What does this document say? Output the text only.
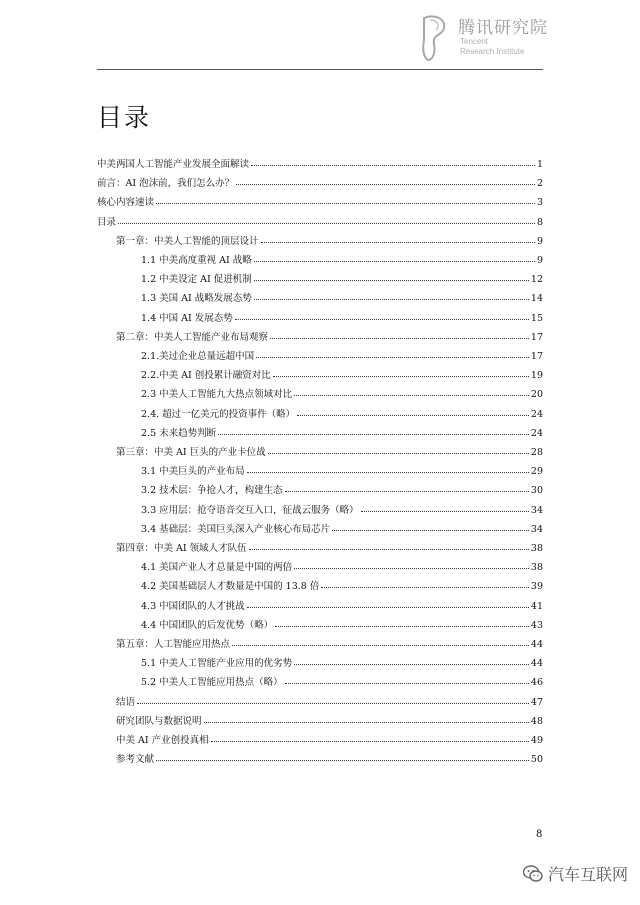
腾讯研究院
Tencent
Research Institute
目录
中美两国人工智能产业发展全面解读	1
前言：AI 泡沫前，我们怎么办？	2
核心内容速读	3
目录	8
第一章：中美人工智能的顶层设计	9
1.1 中美高度重视 AI 战略	9
1.2 中美设定 AI 促进机制	12
1.3 美国 AI 战略发展态势	14
1.4 中国 AI 发展态势	15
第二章：中美人工智能产业布局观察	17
2.1.美过企业总量远超中国	17
2.2.中美 AI 创投累计融资对比	19
2.3 中美人工智能九大热点领域对比	20
2.4. 超过一亿美元的投资事件（略）	24
2.5 未来趋势判断	24
第三章：中美 AI 巨头的产业卡位战	28
3.1 中美巨头的产业布局	29
3.2 技术层：争抢人才，构建生态	30
3.3 应用层：抢夺语音交互入口，征战云服务（略）	34
3.4 基础层：美国巨头深入产业核心布局芯片	34
第四章：中美 AI 领域人才队伍	38
4.1 美国产业人才总量是中国的两倍	38
4.2 美国基础层人才数量是中国的 13.8 倍	39
4.3 中国团队的人才挑战	41
4.4 中国团队的后发优势（略）	43
第五章：人工智能应用热点	44
5.1 中美人工智能产业应用的优劣势	44
5.2 中美人工智能应用热点（略）	46
结语	47
研究团队与数据说明	48
中美 AI 产业创投真相	49
参考文献	50
8
汽车互联网
